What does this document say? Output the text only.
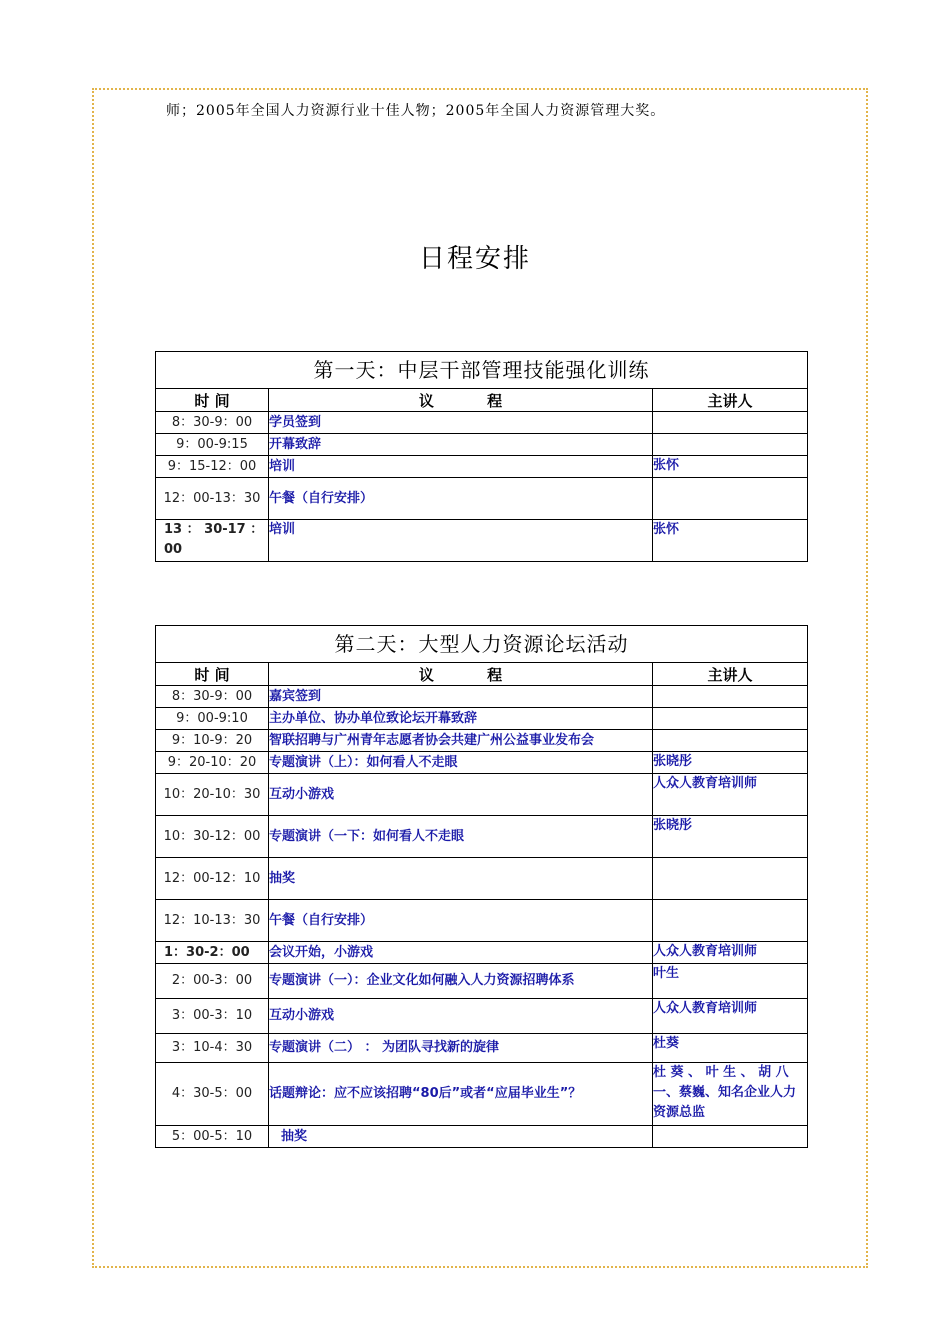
师；2005年全国人力资源行业十佳人物；2005年全国人力资源管理大奖。
日程安排
第一天：中层干部管理技能强化训练		
时 间	议 程	主讲人
8：30-9：00	学员签到	
9：00-9:15	开幕致辞	
9：15-12：00	培训	张怀
12：00-13：30	午餐（自行安排）	
13 ： 30-17 ： 00	培训	张怀
第二天：大型人力资源论坛活动		
时 间	议 程	主讲人
8：30-9：00	嘉宾签到	
9：00-9:10	主办单位、协办单位致论坛开幕致辞	
9：10-9：20	智联招聘与广州青年志愿者协会共建广州公益事业发布会	
9：20-10：20	专题演讲（上）：如何看人不走眼	张晓彤
10：20-10：30	互动小游戏	人众人教育培训师
10：30-12：00	专题演讲（一下：如何看人不走眼	张晓彤
12：00-12：10	抽奖	
12：10-13：30	午餐（自行安排）	
1：30-2：00	会议开始，小游戏	人众人教育培训师
2：00-3：00	专题演讲（一）：企业文化如何融入人力资源招聘体系	叶生
3：00-3：10	互动小游戏	人众人教育培训师
3：10-4：30	专题演讲（二） ： 为团队寻找新的旋律	杜葵
4：30-5：00	话题辩论：应不应该招聘“80后”或者“应届毕业生”？	杜 葵 、 叶 生 、 胡 八一、蔡巍、知名企业人力资源总监
5：00-5：10	抽奖	
